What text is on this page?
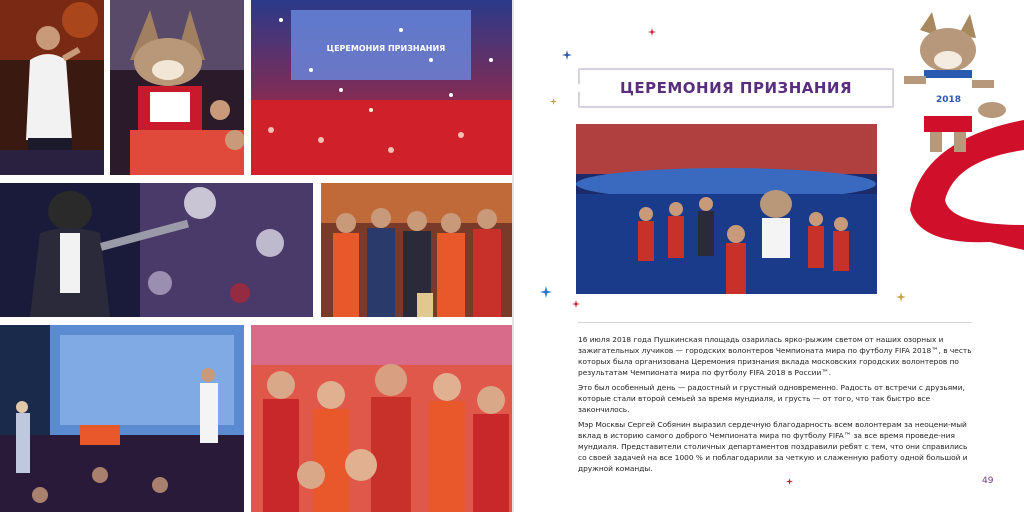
ЦЕРЕМОНИЯ ПРИЗНАНИЯ
ЦЕРЕМОНИЯ ПРИЗНАНИЯ

16 июля 2018 года Пушкинская площадь озарилась ярко-рыжим светом от наших озорных и зажигательных лучиков — городских волонтеров Чемпионата мира по футболу FIFA 2018™, в честь которых была организована Церемония признания вклада московских городских волонтеров по результатам Чемпионата мира по футболу FIFA 2018 в России™.

Это был особенный день — радостный и грустный одновременно. Радость от встречи с друзьями, которые стали второй семьей за время мундиаля, и грусть — от того, что так быстро все закончилось.

Мэр Москвы Сергей Собянин выразил сердечную благодарность всем волонтерам за неоцени-мый вклад в историю самого доброго Чемпионата мира по футболу FIFA™ за все время проведе-ния мундиаля. Представители столичных департаментов поздравили ребят с тем, что они справились со своей задачей на все 1000 % и поблагодарили за четкую и слаженную работу одной большой и дружной команды.

49
2018
